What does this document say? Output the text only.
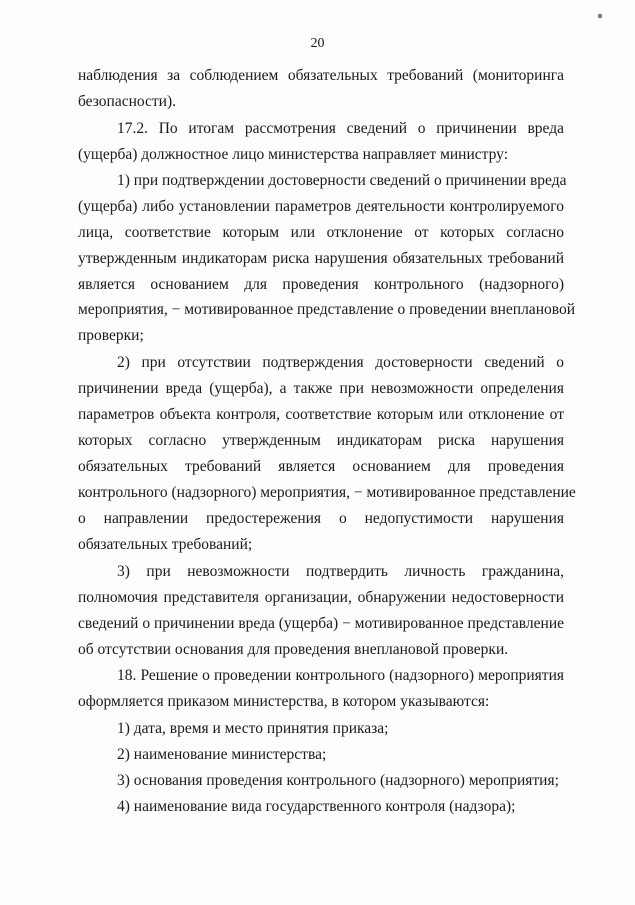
20
наблюдения за соблюдением обязательных требований (мониторинга
безопасности).
17.2. По итогам рассмотрения сведений о причинении вреда
(ущерба) должностное лицо министерства направляет министру:
1) при подтверждении достоверности сведений о причинении вреда
(ущерба) либо установлении параметров деятельности контролируемого
лица, соответствие которым или отклонение от которых согласно
утвержденным индикаторам риска нарушения обязательных требований
является основанием для проведения контрольного (надзорного)
мероприятия, − мотивированное представление о проведении внеплановой
проверки;
2) при отсутствии подтверждения достоверности сведений о
причинении вреда (ущерба), а также при невозможности определения
параметров объекта контроля, соответствие которым или отклонение от
которых согласно утвержденным индикаторам риска нарушения
обязательных требований является основанием для проведения
контрольного (надзорного) мероприятия, − мотивированное представление
о направлении предостережения о недопустимости нарушения
обязательных требований;
3) при невозможности подтвердить личность гражданина,
полномочия представителя организации, обнаружении недостоверности
сведений о причинении вреда (ущерба) − мотивированное представление
об отсутствии основания для проведения внеплановой проверки.
18. Решение о проведении контрольного (надзорного) мероприятия
оформляется приказом министерства, в котором указываются:
1) дата, время и место принятия приказа;
2) наименование министерства;
3) основания проведения контрольного (надзорного) мероприятия;
4) наименование вида государственного контроля (надзора);
